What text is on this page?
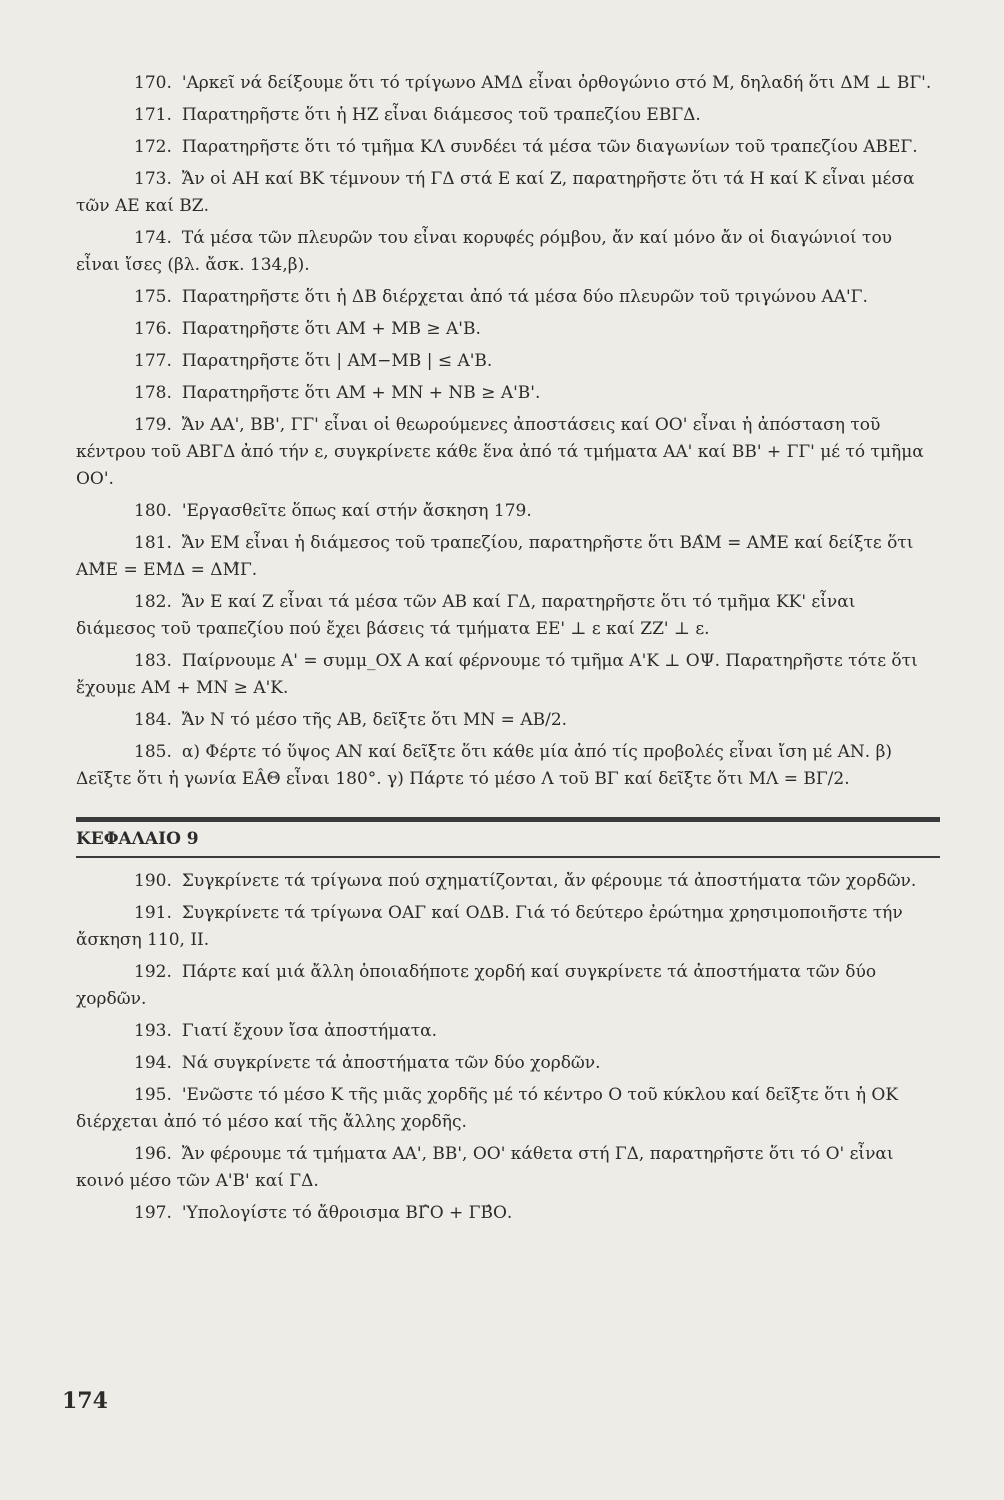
170. 'Αρκεῖ νά δείξουμε ὅτι τό τρίγωνο ΑΜΔ εἶναι ὀρθογώνιο στό Μ, δηλαδή ὅτι ΔΜ ⊥ ΒΓ'.

171. Παρατηρῆστε ὅτι ἡ ΗΖ εἶναι διάμεσος τοῦ τραπεζίου ΕΒΓΔ.

172. Παρατηρῆστε ὅτι τό τμῆμα ΚΛ συνδέει τά μέσα τῶν διαγωνίων τοῦ τραπεζίου ΑΒΕΓ.

173. Ἄν οἱ ΑΗ καί ΒΚ τέμνουν τή ΓΔ στά Ε καί Ζ, παρατηρῆστε ὅτι τά Η καί Κ εἶναι μέσα τῶν ΑΕ καί ΒΖ.

174. Τά μέσα τῶν πλευρῶν του εἶναι κορυφές ρόμβου, ἄν καί μόνο ἄν οἱ διαγώνιοί του εἶναι ἴσες (βλ. ἄσκ. 134,β).

175. Παρατηρῆστε ὅτι ἡ ΔΒ διέρχεται ἀπό τά μέσα δύο πλευρῶν τοῦ τριγώνου ΑΑ'Γ.

176. Παρατηρῆστε ὅτι ΑΜ + ΜΒ ≥ Α'Β.

177. Παρατηρῆστε ὅτι | ΑΜ−ΜΒ | ≤ Α'Β.

178. Παρατηρῆστε ὅτι ΑΜ + ΜΝ + ΝΒ ≥ Α'Β'.

179. Ἄν ΑΑ', ΒΒ', ΓΓ' εἶναι οἱ θεωρούμενες ἀποστάσεις καί ΟΟ' εἶναι ἡ ἀπόσταση τοῦ κέντρου τοῦ ΑΒΓΔ ἀπό τήν ε, συγκρίνετε κάθε ἕνα ἀπό τά τμήματα ΑΑ' καί ΒΒ' + ΓΓ' μέ τό τμῆμα ΟΟ'.

180. 'Εργασθεῖτε ὅπως καί στήν ἄσκηση 179.

181. Ἄν ΕΜ εἶναι ἡ διάμεσος τοῦ τραπεζίου, παρατηρῆστε ὅτι ΒΑ̂Μ = ΑΜ̂Ε καί δείξτε ὅτι ΑΜ̂Ε = ΕΜ̂Δ = ΔΜ̂Γ.

182. Ἄν Ε καί Ζ εἶναι τά μέσα τῶν ΑΒ καί ΓΔ, παρατηρῆστε ὅτι τό τμῆμα ΚΚ' εἶναι διάμεσος τοῦ τραπεζίου πού ἔχει βάσεις τά τμήματα ΕΕ' ⊥ ε καί ΖΖ' ⊥ ε.

183. Παίρνουμε Α' = συμμ_ΟΧ Α καί φέρνουμε τό τμῆμα Α'Κ ⊥ ΟΨ. Παρατηρῆστε τότε ὅτι ἔχουμε ΑΜ + ΜΝ ≥ Α'Κ.

184. Ἄν Ν τό μέσο τῆς ΑΒ, δεῖξτε ὅτι ΜΝ = ΑΒ/2.

185. α) Φέρτε τό ὕψος ΑΝ καί δεῖξτε ὅτι κάθε μία ἀπό τίς προβολές εἶναι ἴση μέ ΑΝ. β) Δεῖξτε ὅτι ἡ γωνία ΕÂΘ εἶναι 180°. γ) Πάρτε τό μέσο Λ τοῦ ΒΓ καί δεῖξτε ὅτι ΜΛ = ΒΓ/2.

ΚΕΦΑΛΑΙΟ 9

190. Συγκρίνετε τά τρίγωνα πού σχηματίζονται, ἄν φέρουμε τά ἀποστήματα τῶν χορδῶν.

191. Συγκρίνετε τά τρίγωνα ΟΑΓ καί ΟΔΒ. Γιά τό δεύτερο ἐρώτημα χρησιμοποιῆστε τήν ἄσκηση 110, ΙΙ.

192. Πάρτε καί μιά ἄλλη ὁποιαδήποτε χορδή καί συγκρίνετε τά ἀποστήματα τῶν δύο χορδῶν.

193. Γιατί ἔχουν ἴσα ἀποστήματα.

194. Νά συγκρίνετε τά ἀποστήματα τῶν δύο χορδῶν.

195. 'Ενῶστε τό μέσο Κ τῆς μιᾶς χορδῆς μέ τό κέντρο Ο τοῦ κύκλου καί δεῖξτε ὅτι ἡ ΟΚ διέρχεται ἀπό τό μέσο καί τῆς ἄλλης χορδῆς.

196. Ἄν φέρουμε τά τμήματα ΑΑ', ΒΒ', ΟΟ' κάθετα στή ΓΔ, παρατηρῆστε ὅτι τό Ο' εἶναι κοινό μέσο τῶν Α'Β' καί ΓΔ.

197. 'Υπολογίστε τό ἄθροισμα ΒΓ̂Ο + ΓΒ̂Ο.

174
